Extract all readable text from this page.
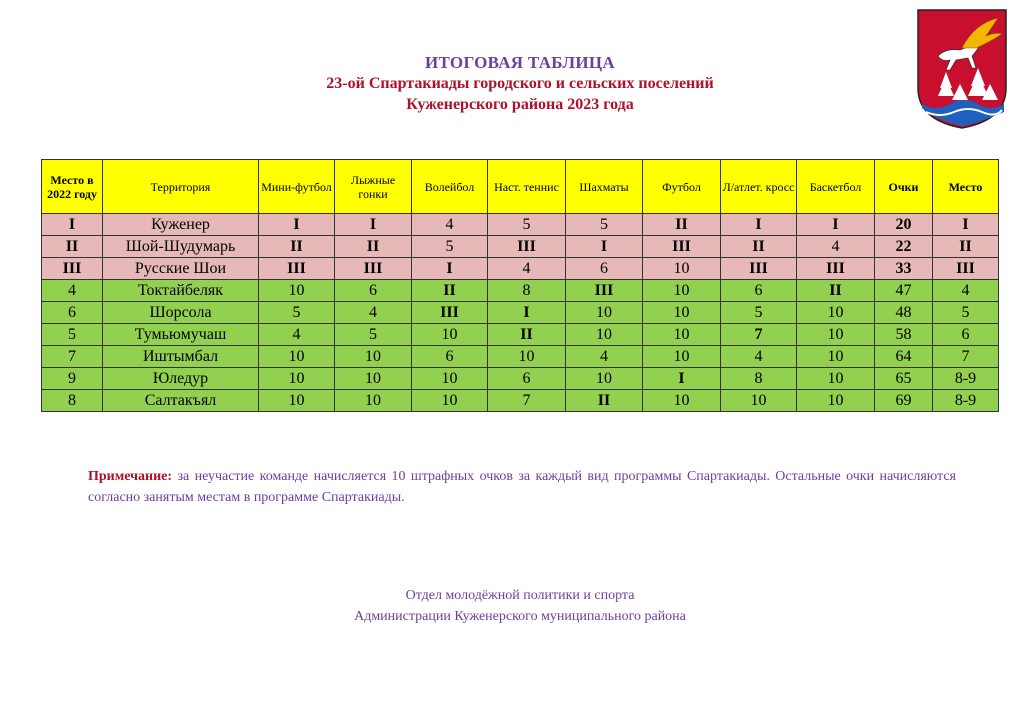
ИТОГОВАЯ ТАБЛИЦА
23-ой Спартакиады городского и сельских поселений
Куженерского района 2023 года
Место в 2022 году	Территория	Мини-футбол	Лыжные гонки	Волейбол	Наст. теннис	Шахматы	Футбол	Л/атлет. кросс	Баскетбол	Очки	Место
I	Куженер	I	I	4	5	5	II	I	I	20	I
II	Шой-Шудумарь	II	II	5	III	I	III	II	4	22	II
III	Русские Шои	III	III	I	4	6	10	III	III	33	III
4	Токтайбеляк	10	6	II	8	III	10	6	II	47	4
6	Шорсола	5	4	III	I	10	10	5	10	48	5
5	Тумьюмучаш	4	5	10	II	10	10	7	10	58	6
7	Иштымбал	10	10	6	10	4	10	4	10	64	7
9	Юледур	10	10	10	6	10	I	8	10	65	8-9
8	Салтакъял	10	10	10	7	II	10	10	10	69	8-9
Примечание: за неучастие команде начисляется 10 штрафных очков за каждый вид программы Спартакиады. Остальные очки начисляются согласно занятым местам в программе Спартакиады.
Отдел молодёжной политики и спорта
Администрации Куженерского муниципального района
